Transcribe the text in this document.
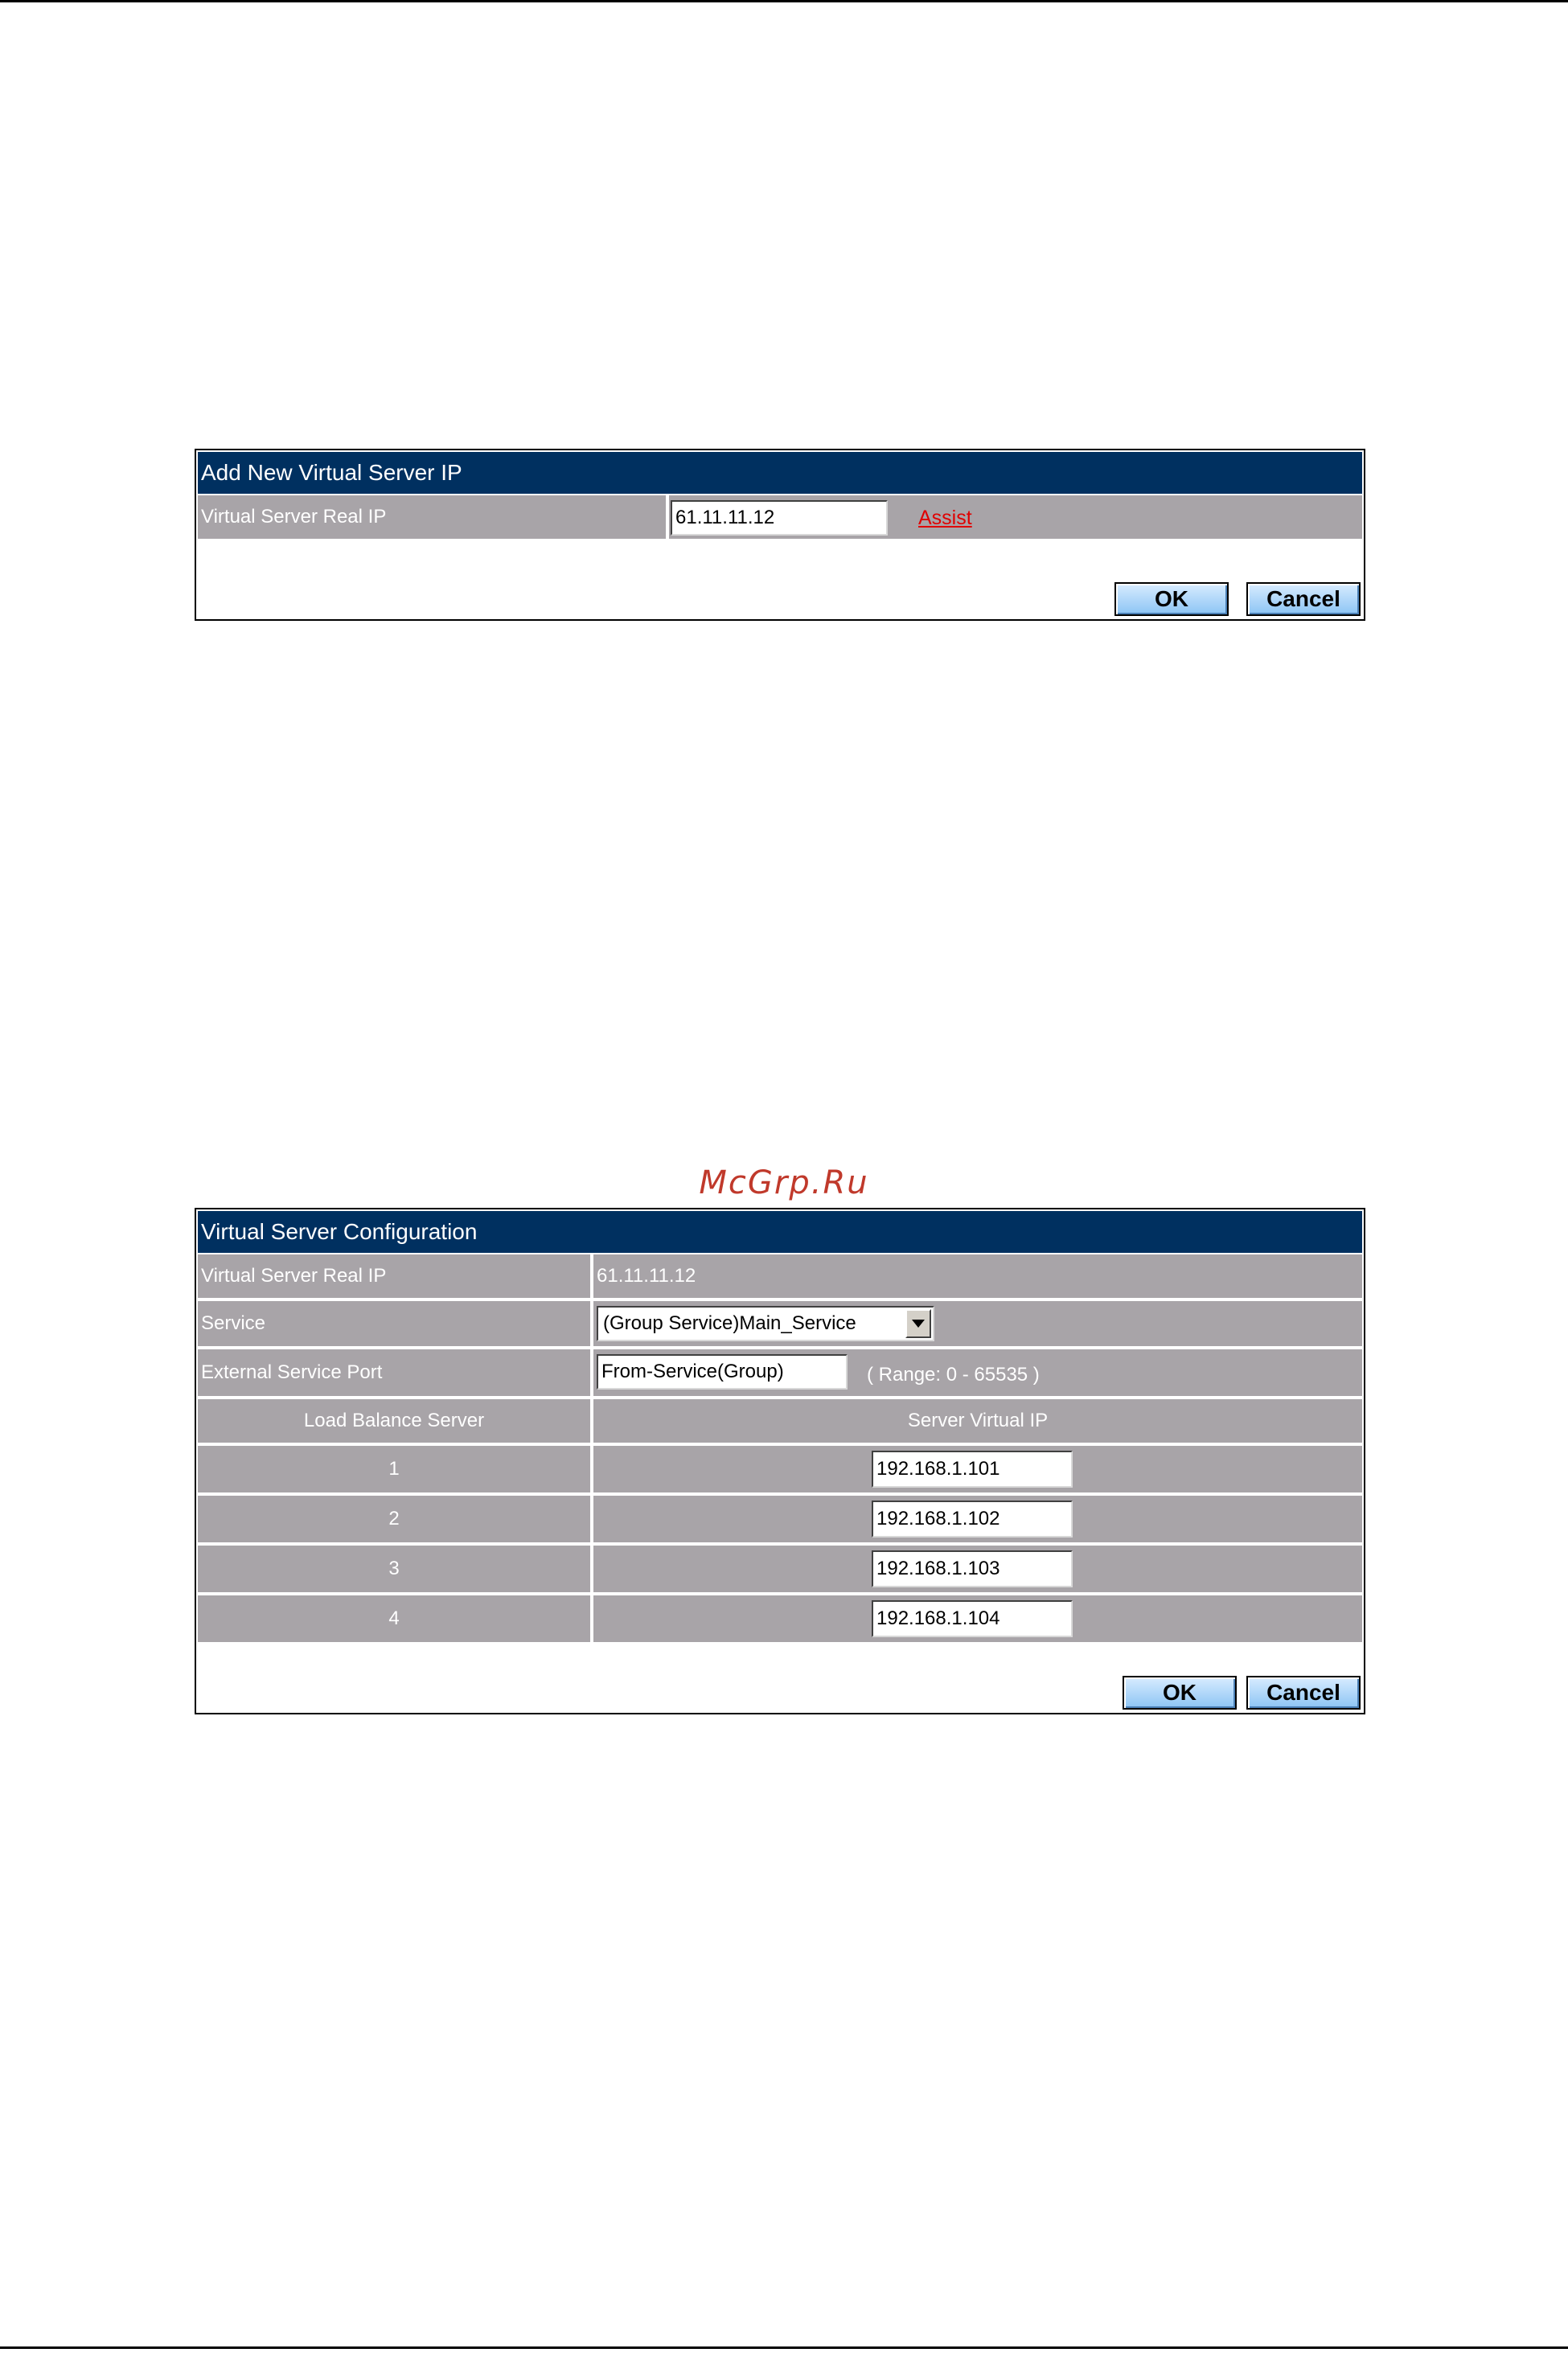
Add New Virtual Server IP
Virtual Server Real IP	61.11.11.12	Assist
OK	Cancel
McGrp.Ru
Virtual Server Configuration
Virtual Server Real IP	61.11.11.12
Service	(Group Service)Main_Service
External Service Port	From-Service(Group)	( Range: 0 - 65535 )
Load Balance Server	Server Virtual IP
1	192.168.1.101
2	192.168.1.102
3	192.168.1.103
4	192.168.1.104
OK	Cancel
